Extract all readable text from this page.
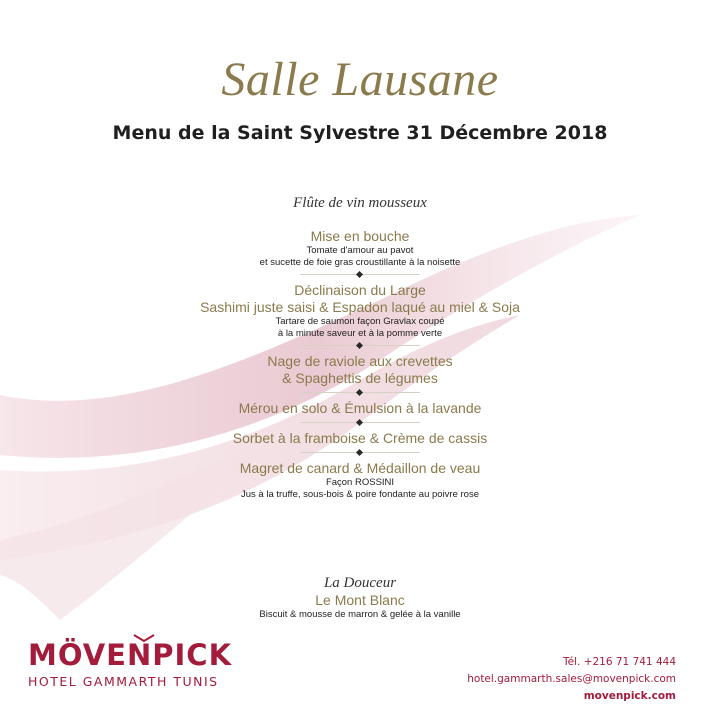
Salle Lausane
Menu de la Saint Sylvestre 31 Décembre 2018
Flûte de vin mousseux
Mise en bouche
Tomate d'amour au pavot
et sucette de foie gras croustillante à la noisette
Déclinaison du Large
Sashimi juste saisi & Espadon laqué au miel & Soja
Tartare de saumon façon Gravlax coupé
à la minute saveur et à la pomme verte
Nage de raviole aux crevettes
& Spaghettis de légumes
Mérou en solo & Émulsion à la lavande
Sorbet à la framboise & Crème de cassis
Magret de canard & Médaillon de veau
Façon ROSSINI
Jus à la truffe, sous-bois & poire fondante au poivre rose
La Douceur
Le Mont Blanc
Biscuit & mousse de marron & gelée à la vanille
MÖVENPICK
HOTEL GAMMARTH TUNIS
Tél. +216 71 741 444
hotel.gammarth.sales@movenpick.com
movenpick.com
